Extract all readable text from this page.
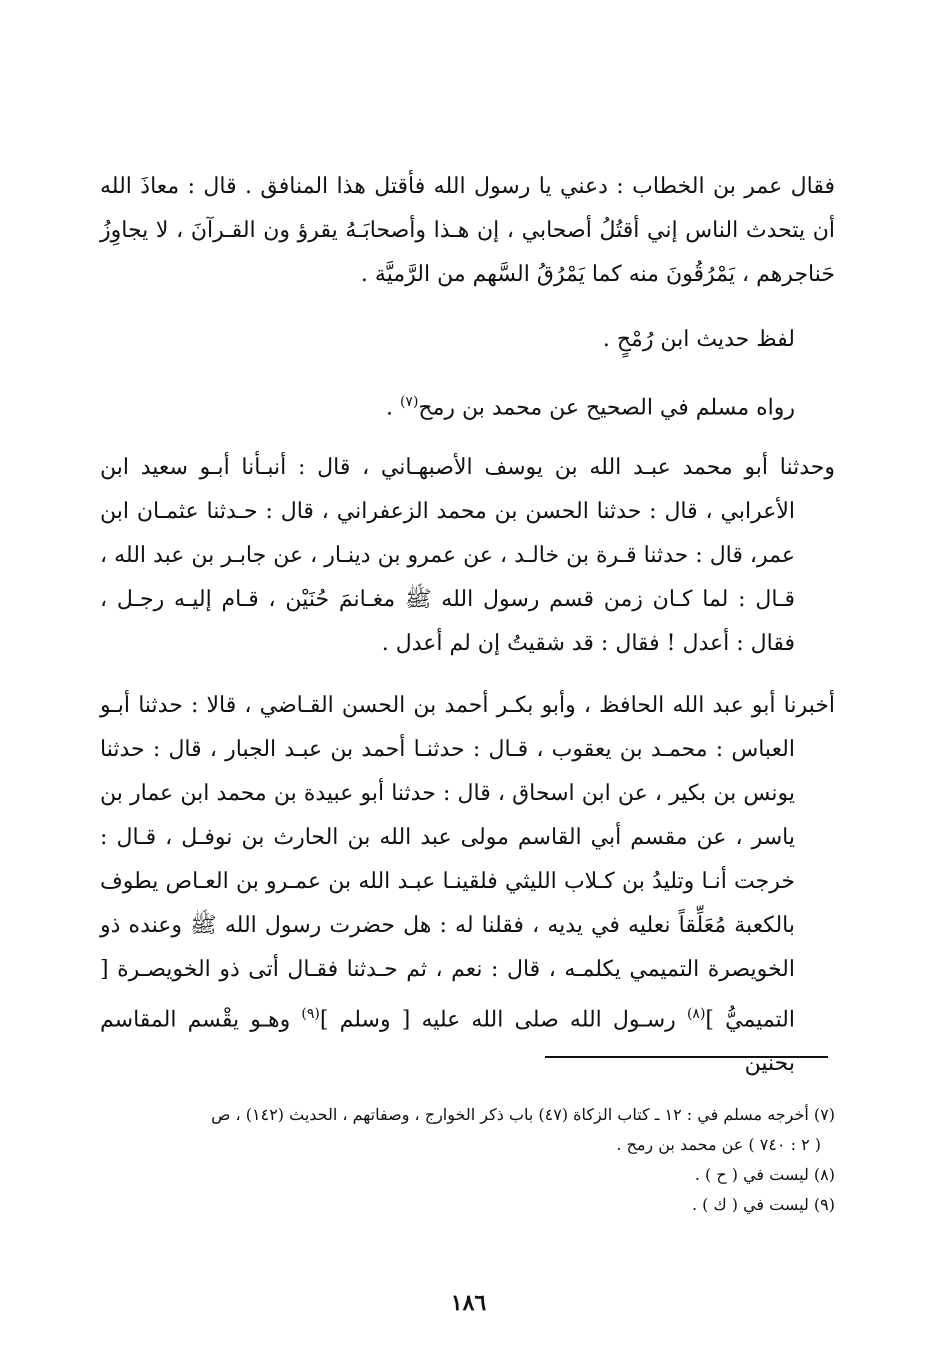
فقال عمر بن الخطاب : دعني يا رسول الله فأقتل هذا المنافق . قال : معاذَ الله أن يتحدث الناس إني أقتُلُ أصحابي ، إن هـذا وأصحابَـهُ يقرؤ ون القـرآنَ ، لا يجاوِزُ حَناجرهم ، يَمْرُقُونَ منه كما يَمْرُقُ السَّهم من الرَّميَّة .

لفظ حديث ابن رُمْحٍ .

رواه مسلم في الصحيح عن محمد بن رمح$^{(٧)}$ .

وحدثنا أبو محمد عبـد الله بن يوسف الأصبهـاني ، قال : أنبـأنا أبـو سعيد ابن الأعرابي ، قال : حدثنا الحسن بن محمد الزعفراني ، قال : حـدثنا عثمـان ابن عمر، قال : حدثنا قـرة بن خالـد ، عن عمرو بن دينـار ، عن جابـر بن عبد الله ، قـال : لما كـان زمن قسم رسول الله ﷺ مغـانمَ حُنَيْن ، قـام إليـه رجـل ، فقال : أعدل ! فقال : قد شقيتُ إن لم أعدل .

أخبرنا أبو عبد الله الحافظ ، وأبو بكـر أحمد بن الحسن القـاضي ، قالا : حدثنا أبـو العباس : محمـد بن يعقوب ، قـال : حدثنـا أحمد بن عبـد الجبار ، قال : حدثنا يونس بن بكير ، عن ابن اسحاق ، قال : حدثنا أبو عبيدة بن محمد ابن عمار بن ياسر ، عن مقسم أبي القاسم مولى عبد الله بن الحارث بن نوفـل ، قـال : خرجت أنـا وتليدُ بن كـلاب الليثي فلقينـا عبـد الله بن عمـرو بن العـاص يطوف بالكعبة مُعَلِّقاً نعليه في يديه ، فقلنا له : هل حضرت رسول الله ﷺ وعنده ذو الخويصرة التميمي يكلمـه ، قال : نعم ، ثم حـدثنا فقـال أتى ذو الخويصـرة [ التميميُّ ]$^{(٨)}$ رسـول الله صلى الله عليه [ وسلم ]$^{(٩)}$ وهـو يقْسم المقاسم بحنين

(٧) أخرجه مسلم في : ١٢ ـ كتاب الزكاة (٤٧) باب ذكر الخوارج ، وصفاتهم ، الحديث (١٤٢) ، ص
( ٢ : ٧٤٠ ) عن محمد بن رمح .

(٨) ليست في ( ح ) .

(٩) ليست في ( ك ) .

١٨٦
